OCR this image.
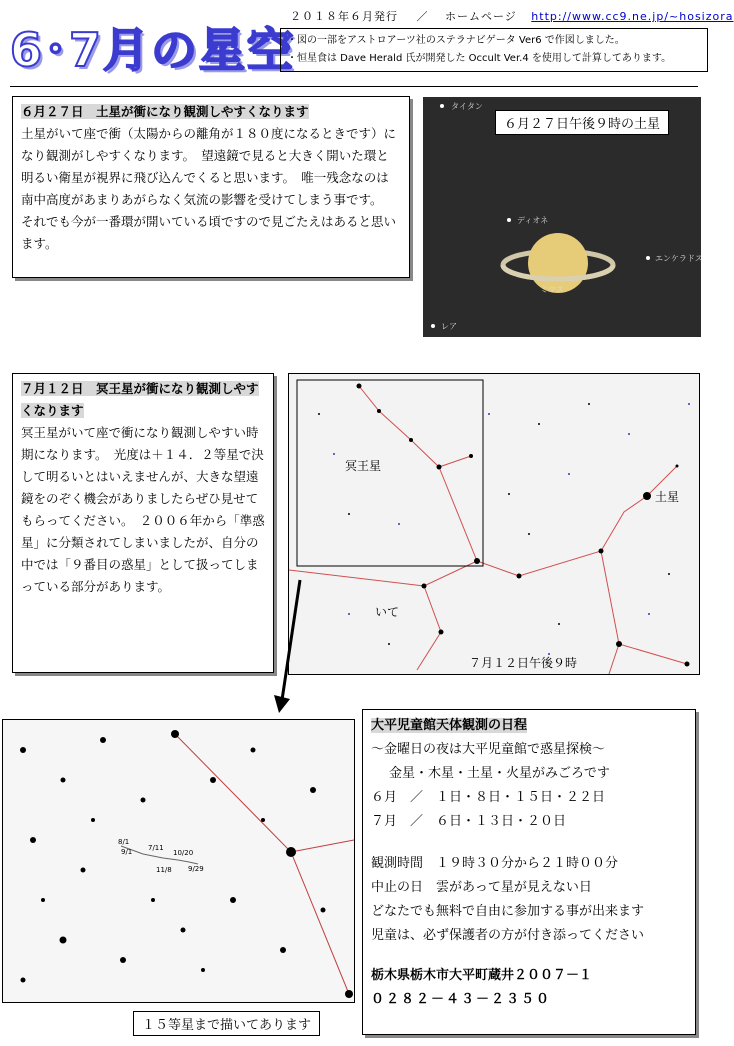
２０１８年６月発行 ／ ホームページ http://www.cc9.ne.jp/~hosizora
6･7月の星空
・図の一部をアストロアーツ社のステラナビゲータ Ver6 で作図しました。
・恒星食は Dave Herald 氏が開発した Occult Ver.4 を使用して計算してあります。
６月２７日　土星が衝になり観測しやすくなります
土星がいて座で衝（太陽からの離角が１８０度になるときです）になり観測がしやすくなります。　望遠鏡で見ると大きく開いた環と明るい衛星が視界に飛び込んでくると思います。　唯一残念なのは南中高度があまりあがらなく気流の影響を受けてしまう事です。　それでも今が一番環が開いている頃ですので見ごたえはあると思います。
タイタン
ディオネ
エンケラドス
ミマス
レア
６月２７日午後９時の土星
７月１２日　冥王星が衝になり観測しやすくなります
冥王星がいて座で衝になり観測しやすい時期になります。　光度は＋１４．２等星で決して明るいとはいえませんが、大きな望遠鏡をのぞく機会がありましたらぜひ見せてもらってください。　２００６年から「準惑星」に分類されてしまいましたが、自分の中では「９番目の惑星」として扱ってしまっている部分があります。
冥王星
土星
いて
７月１２日午後９時
8/1
9/1 7/11
10/20
11/8 9/29
１５等星まで描いてあります
大平児童館天体観測の日程
～金曜日の夜は大平児童館で惑星探検～
金星・木星・土星・火星がみごろです
６月　／　１日・８日・１５日・２２日
７月　／　６日・１３日・２０日
観測時間　１９時３０分から２１時００分
中止の日　雲があって星が見えない日
どなたでも無料で自由に参加する事が出来ます
児童は、必ず保護者の方が付き添ってください
栃木県栃木市大平町蔵井２００７－１
０２８２－４３－２３５０
